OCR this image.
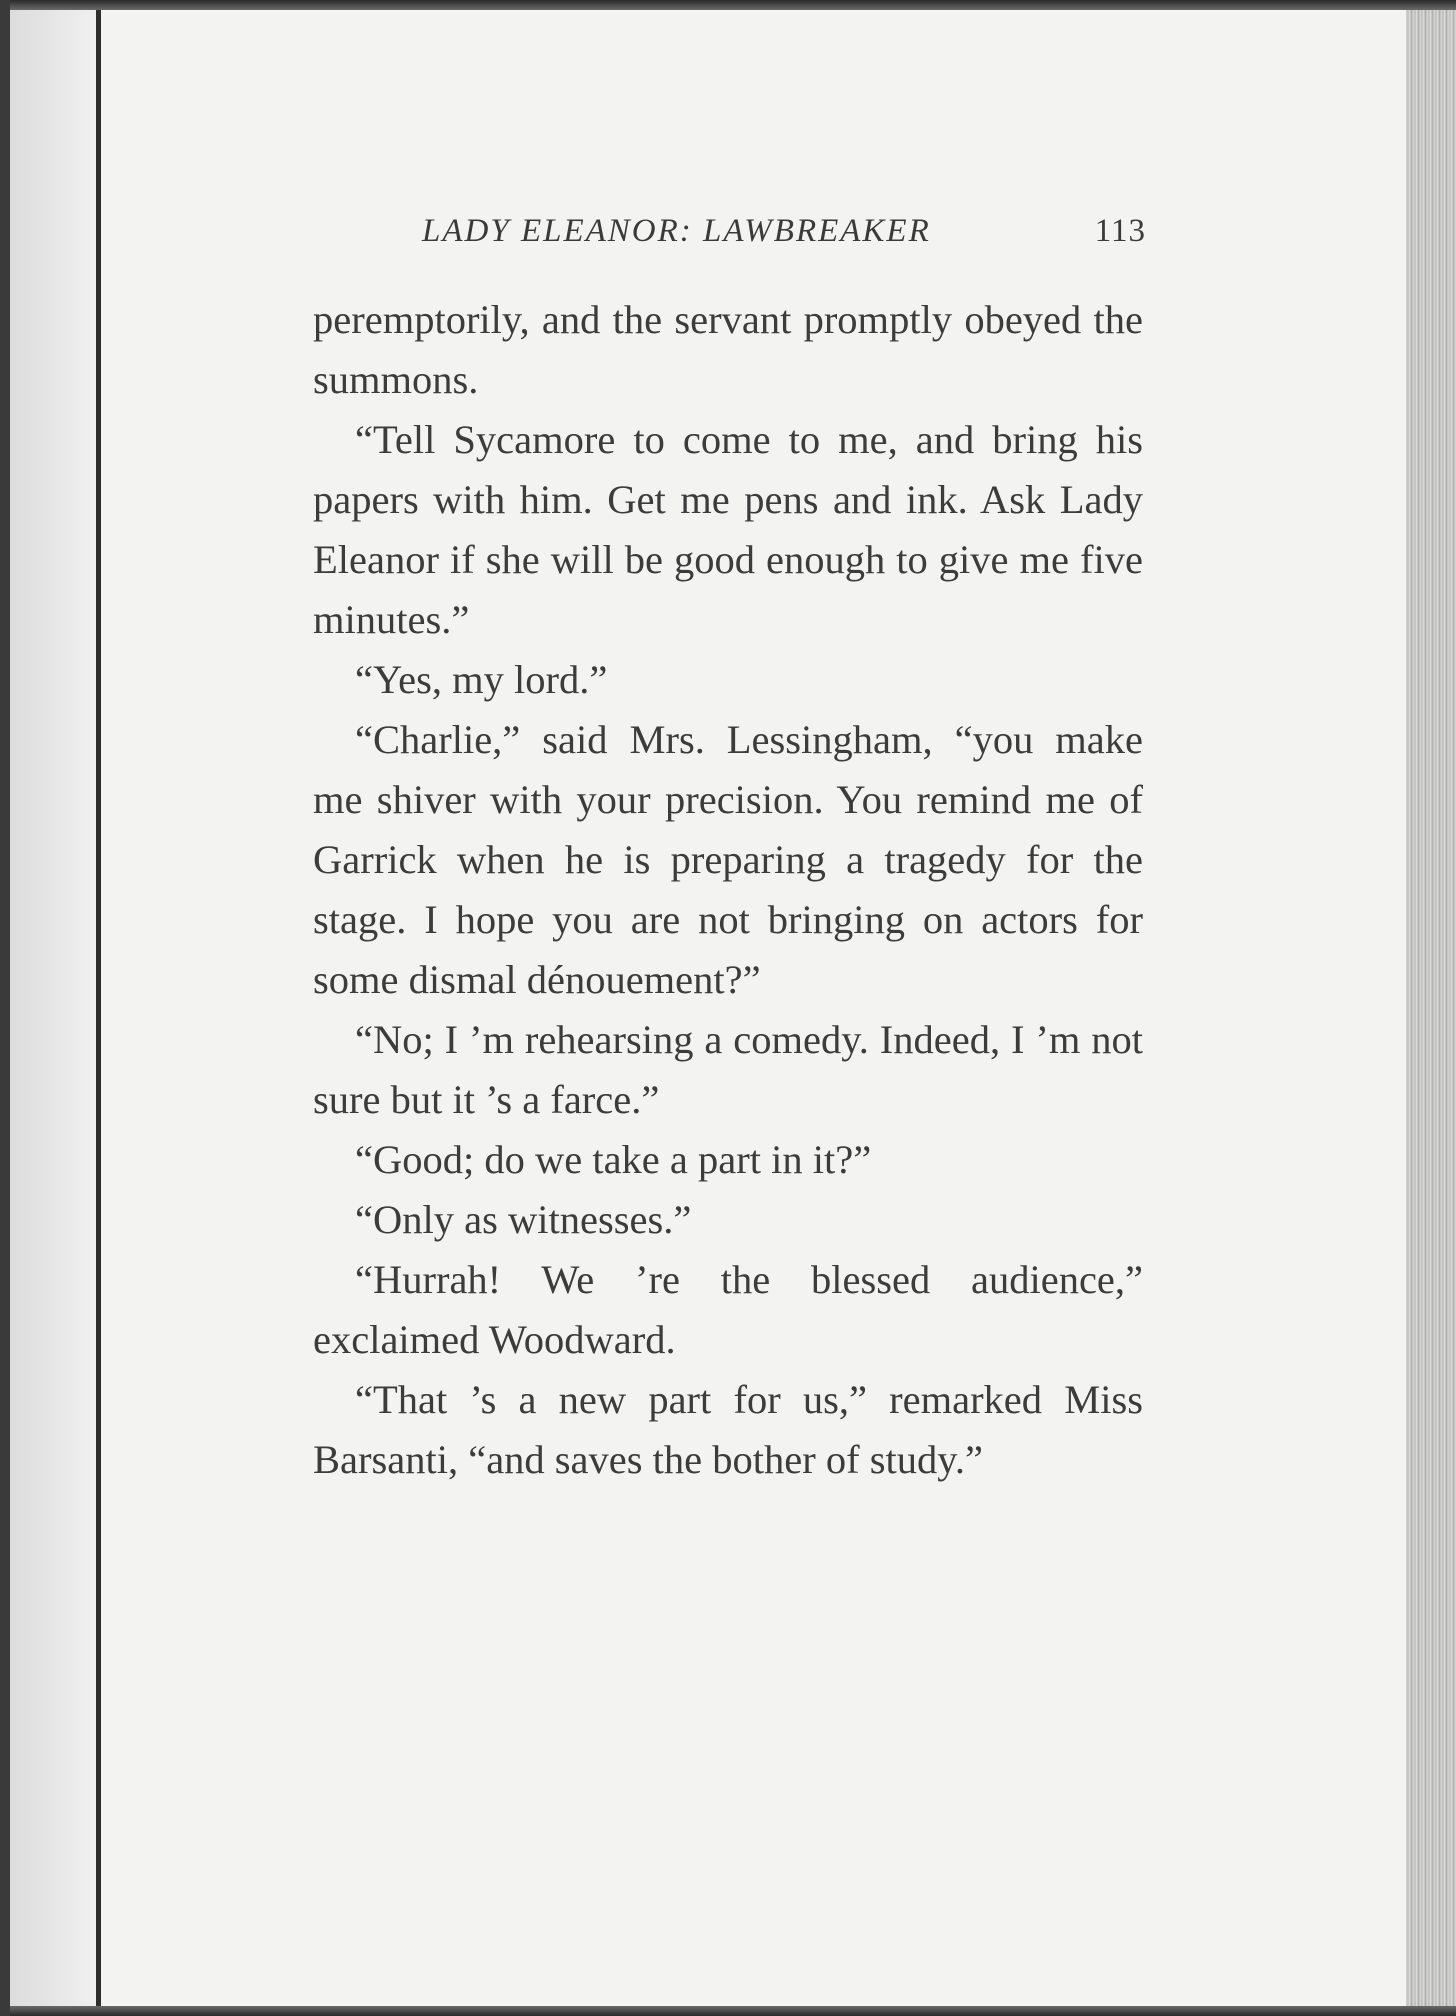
LADY ELEANOR: LAWBREAKER	113

peremptorily, and the servant promptly obeyed the summons.

“Tell Sycamore to come to me, and bring his papers with him. Get me pens and ink. Ask Lady Eleanor if she will be good enough to give me five minutes.”

“Yes, my lord.”

“Charlie,” said Mrs. Lessingham, “you make me shiver with your precision. You remind me of Garrick when he is preparing a tragedy for the stage. I hope you are not bringing on actors for some dismal dénouement?”

“No; I ’m rehearsing a comedy. Indeed, I ’m not sure but it ’s a farce.”

“Good; do we take a part in it?”

“Only as witnesses.”

“Hurrah! We ’re the blessed audience,” exclaimed Woodward.

“That ’s a new part for us,” remarked Miss Barsanti, “and saves the bother of study.”
